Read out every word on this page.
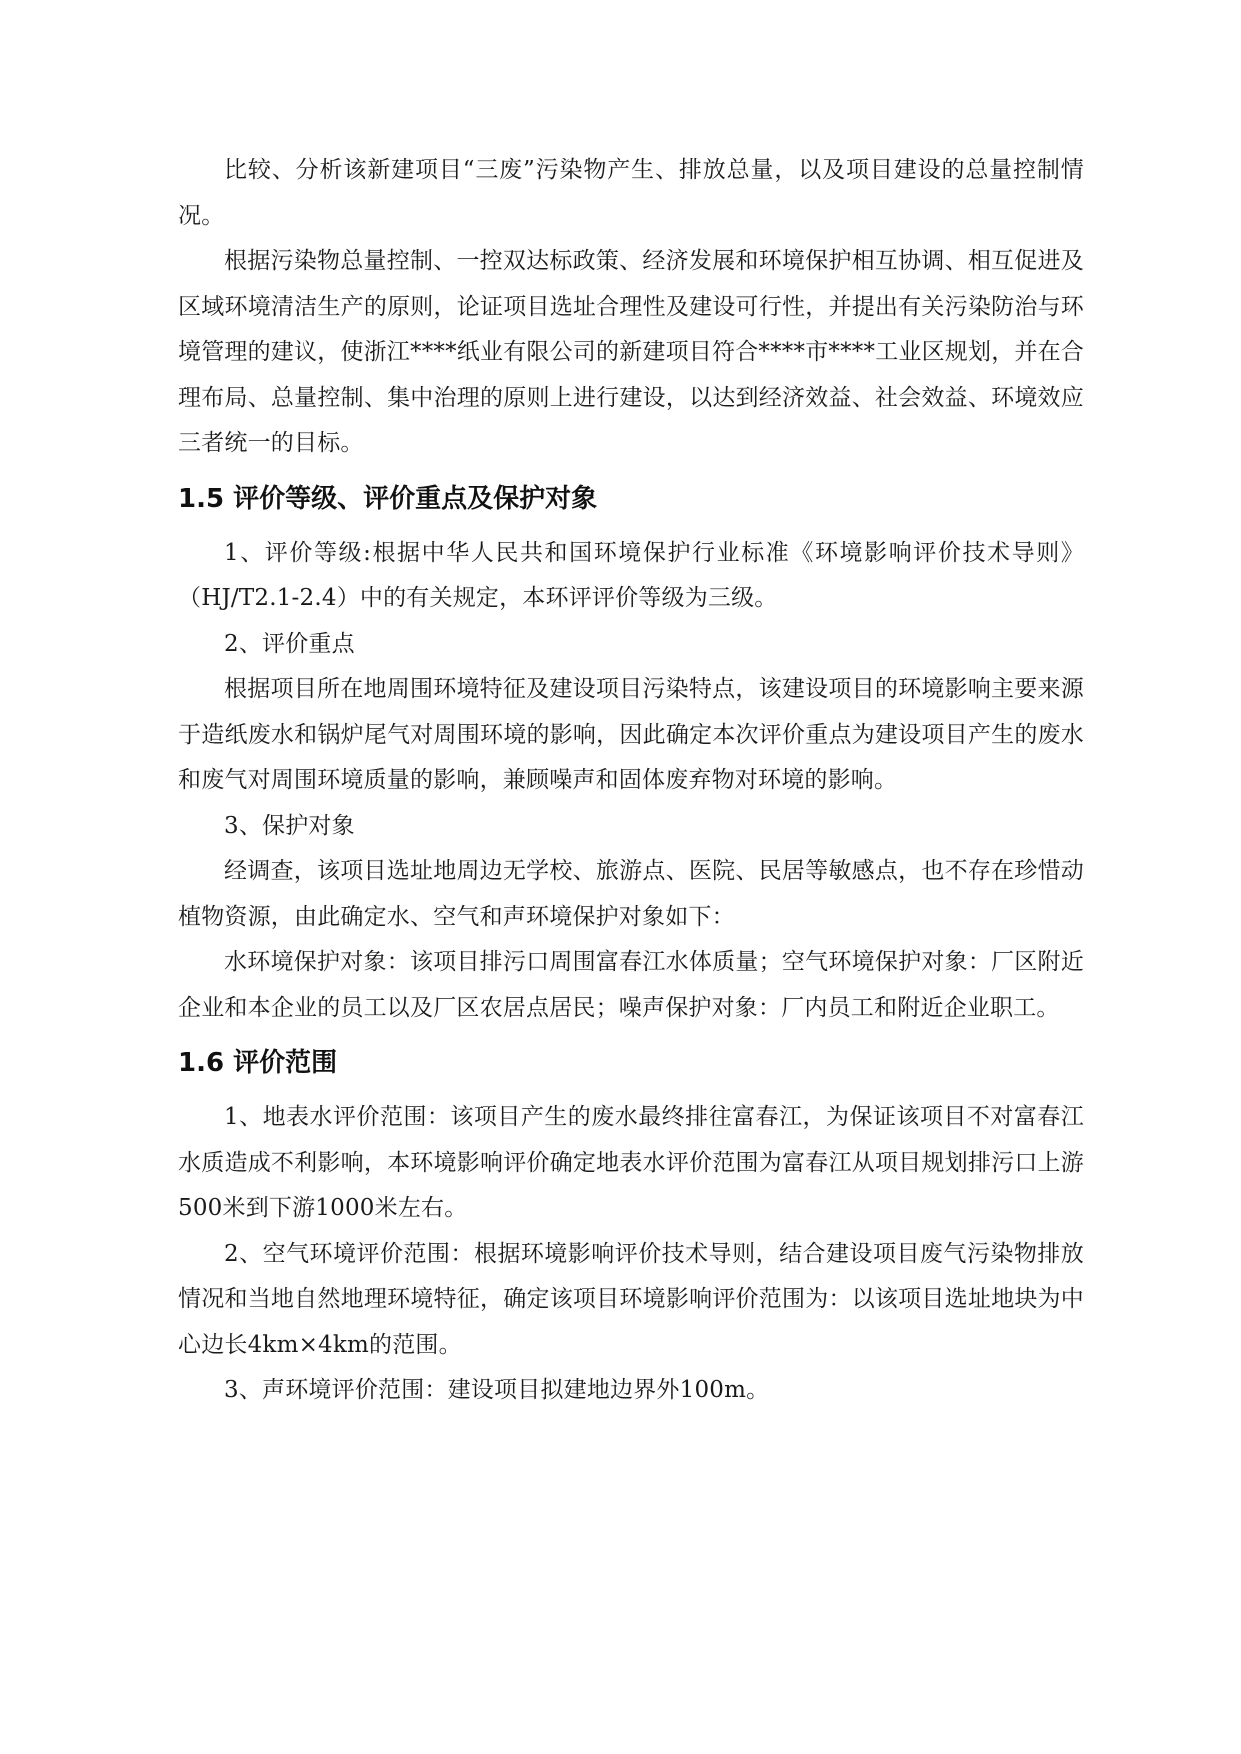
比较、分析该新建项目“三废”污染物产生、排放总量，以及项目建设的总量控制情况。

根据污染物总量控制、一控双达标政策、经济发展和环境保护相互协调、相互促进及区域环境清洁生产的原则，论证项目选址合理性及建设可行性，并提出有关污染防治与环境管理的建议，使浙江****纸业有限公司的新建项目符合****市****工业区规划，并在合理布局、总量控制、集中治理的原则上进行建设，以达到经济效益、社会效益、环境效应三者统一的目标。

1.5 评价等级、评价重点及保护对象

1、评价等级:根据中华人民共和国环境保护行业标准《环境影响评价技术导则》（HJ/T2.1-2.4）中的有关规定，本环评评价等级为三级。

2、评价重点

根据项目所在地周围环境特征及建设项目污染特点，该建设项目的环境影响主要来源于造纸废水和锅炉尾气对周围环境的影响，因此确定本次评价重点为建设项目产生的废水和废气对周围环境质量的影响，兼顾噪声和固体废弃物对环境的影响。

3、保护对象

经调查，该项目选址地周边无学校、旅游点、医院、民居等敏感点，也不存在珍惜动植物资源，由此确定水、空气和声环境保护对象如下：

水环境保护对象：该项目排污口周围富春江水体质量；空气环境保护对象：厂区附近企业和本企业的员工以及厂区农居点居民；噪声保护对象：厂内员工和附近企业职工。

1.6 评价范围

1、地表水评价范围：该项目产生的废水最终排往富春江，为保证该项目不对富春江水质造成不利影响，本环境影响评价确定地表水评价范围为富春江从项目规划排污口上游500米到下游1000米左右。

2、空气环境评价范围：根据环境影响评价技术导则，结合建设项目废气污染物排放情况和当地自然地理环境特征，确定该项目环境影响评价范围为：以该项目选址地块为中心边长4km×4km的范围。

3、声环境评价范围：建设项目拟建地边界外100m。
